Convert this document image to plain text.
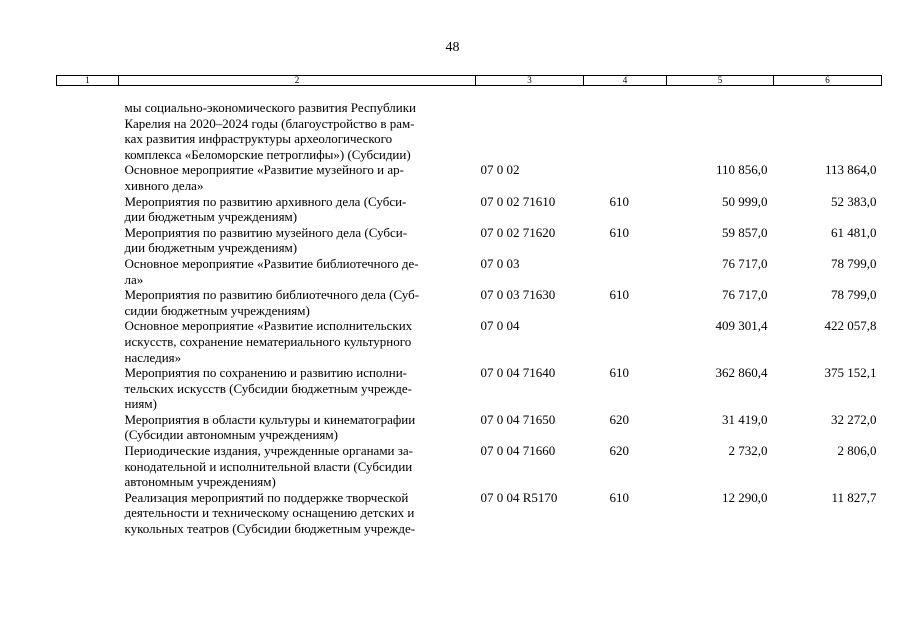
48
1	2	3	4	5	6

	мы социально-экономического развития Республики
Карелия на 2020–2024 годы (благоустройство в рам-
ках развития инфраструктуры археологического
комплекса «Беломорские петроглифы») (Субсидии)				

	Основное мероприятие «Развитие музейного и ар-
хивного дела»	07 0 02		110 856,0	113 864,0

	Мероприятия по развитию архивного дела (Субси-
дии бюджетным учреждениям)	07 0 02 71610	610	50 999,0	52 383,0

	Мероприятия по развитию музейного дела (Субси-
дии бюджетным учреждениям)	07 0 02 71620	610	59 857,0	61 481,0

	Основное мероприятие «Развитие библиотечного де-
ла»	07 0 03		76 717,0	78 799,0

	Мероприятия по развитию библиотечного дела (Суб-
сидии бюджетным учреждениям)	07 0 03 71630	610	76 717,0	78 799,0

	Основное мероприятие «Развитие исполнительских
искусств, сохранение нематериального культурного
наследия»	07 0 04		409 301,4	422 057,8

	Мероприятия по сохранению и развитию исполни-
тельских искусств (Субсидии бюджетным учрежде-
ниям)	07 0 04 71640	610	362 860,4	375 152,1

	Мероприятия в области культуры и кинематографии
(Субсидии автономным учреждениям)	07 0 04 71650	620	31 419,0	32 272,0

	Периодические издания, учрежденные органами за-
конодательной и исполнительной власти (Субсидии
автономным учреждениям)	07 0 04 71660	620	2 732,0	2 806,0

	Реализация мероприятий по поддержке творческой
деятельности и техническому оснащению детских и
кукольных театров (Субсидии бюджетным учрежде-	07 0 04 R5170	610	12 290,0	11 827,7
